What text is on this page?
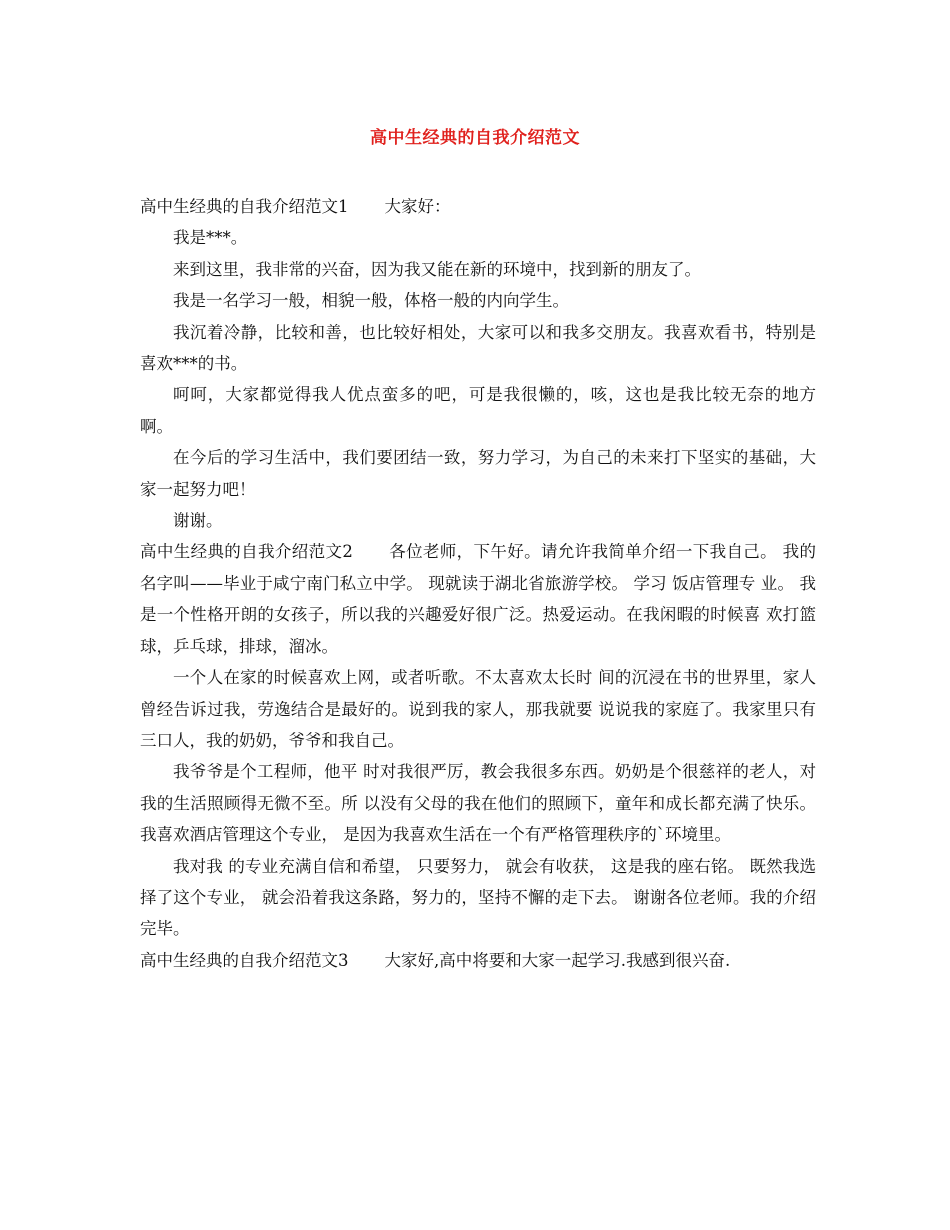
高中生经典的自我介绍范文

高中生经典的自我介绍范文1 大家好：

我是***。

来到这里，我非常的兴奋，因为我又能在新的环境中，找到新的朋友了。

我是一名学习一般，相貌一般，体格一般的内向学生。

我沉着冷静，比较和善，也比较好相处，大家可以和我多交朋友。我喜欢看书，特别是喜欢***的书。

呵呵，大家都觉得我人优点蛮多的吧，可是我很懒的，咳，这也是我比较无奈的地方啊。

在今后的学习生活中，我们要团结一致，努力学习，为自己的未来打下坚实的基础，大家一起努力吧！

谢谢。

高中生经典的自我介绍范文2 各位老师，下午好。请允许我简单介绍一下我自己。 我的名字叫——毕业于咸宁南门私立中学。 现就读于湖北省旅游学校。 学习 饭店管理专 业。 我是一个性格开朗的女孩子，所以我的兴趣爱好很广泛。热爱运动。在我闲暇的时候喜 欢打篮球，乒乓球，排球，溜冰。

一个人在家的时候喜欢上网，或者听歌。不太喜欢太长时 间的沉浸在书的世界里，家人曾经告诉过我，劳逸结合是最好的。说到我的家人，那我就要 说说我的家庭了。我家里只有三口人，我的奶奶，爷爷和我自己。

我爷爷是个工程师，他平 时对我很严厉，教会我很多东西。奶奶是个很慈祥的老人，对我的生活照顾得无微不至。所 以没有父母的我在他们的照顾下，童年和成长都充满了快乐。 我喜欢酒店管理这个专业， 是因为我喜欢生活在一个有严格管理秩序的`环境里。

我对我 的专业充满自信和希望， 只要努力， 就会有收获， 这是我的座右铭。 既然我选择了这个专业， 就会沿着我这条路，努力的，坚持不懈的走下去。 谢谢各位老师。我的介绍完毕。

高中生经典的自我介绍范文3 大家好,高中将要和大家一起学习.我感到很兴奋.
